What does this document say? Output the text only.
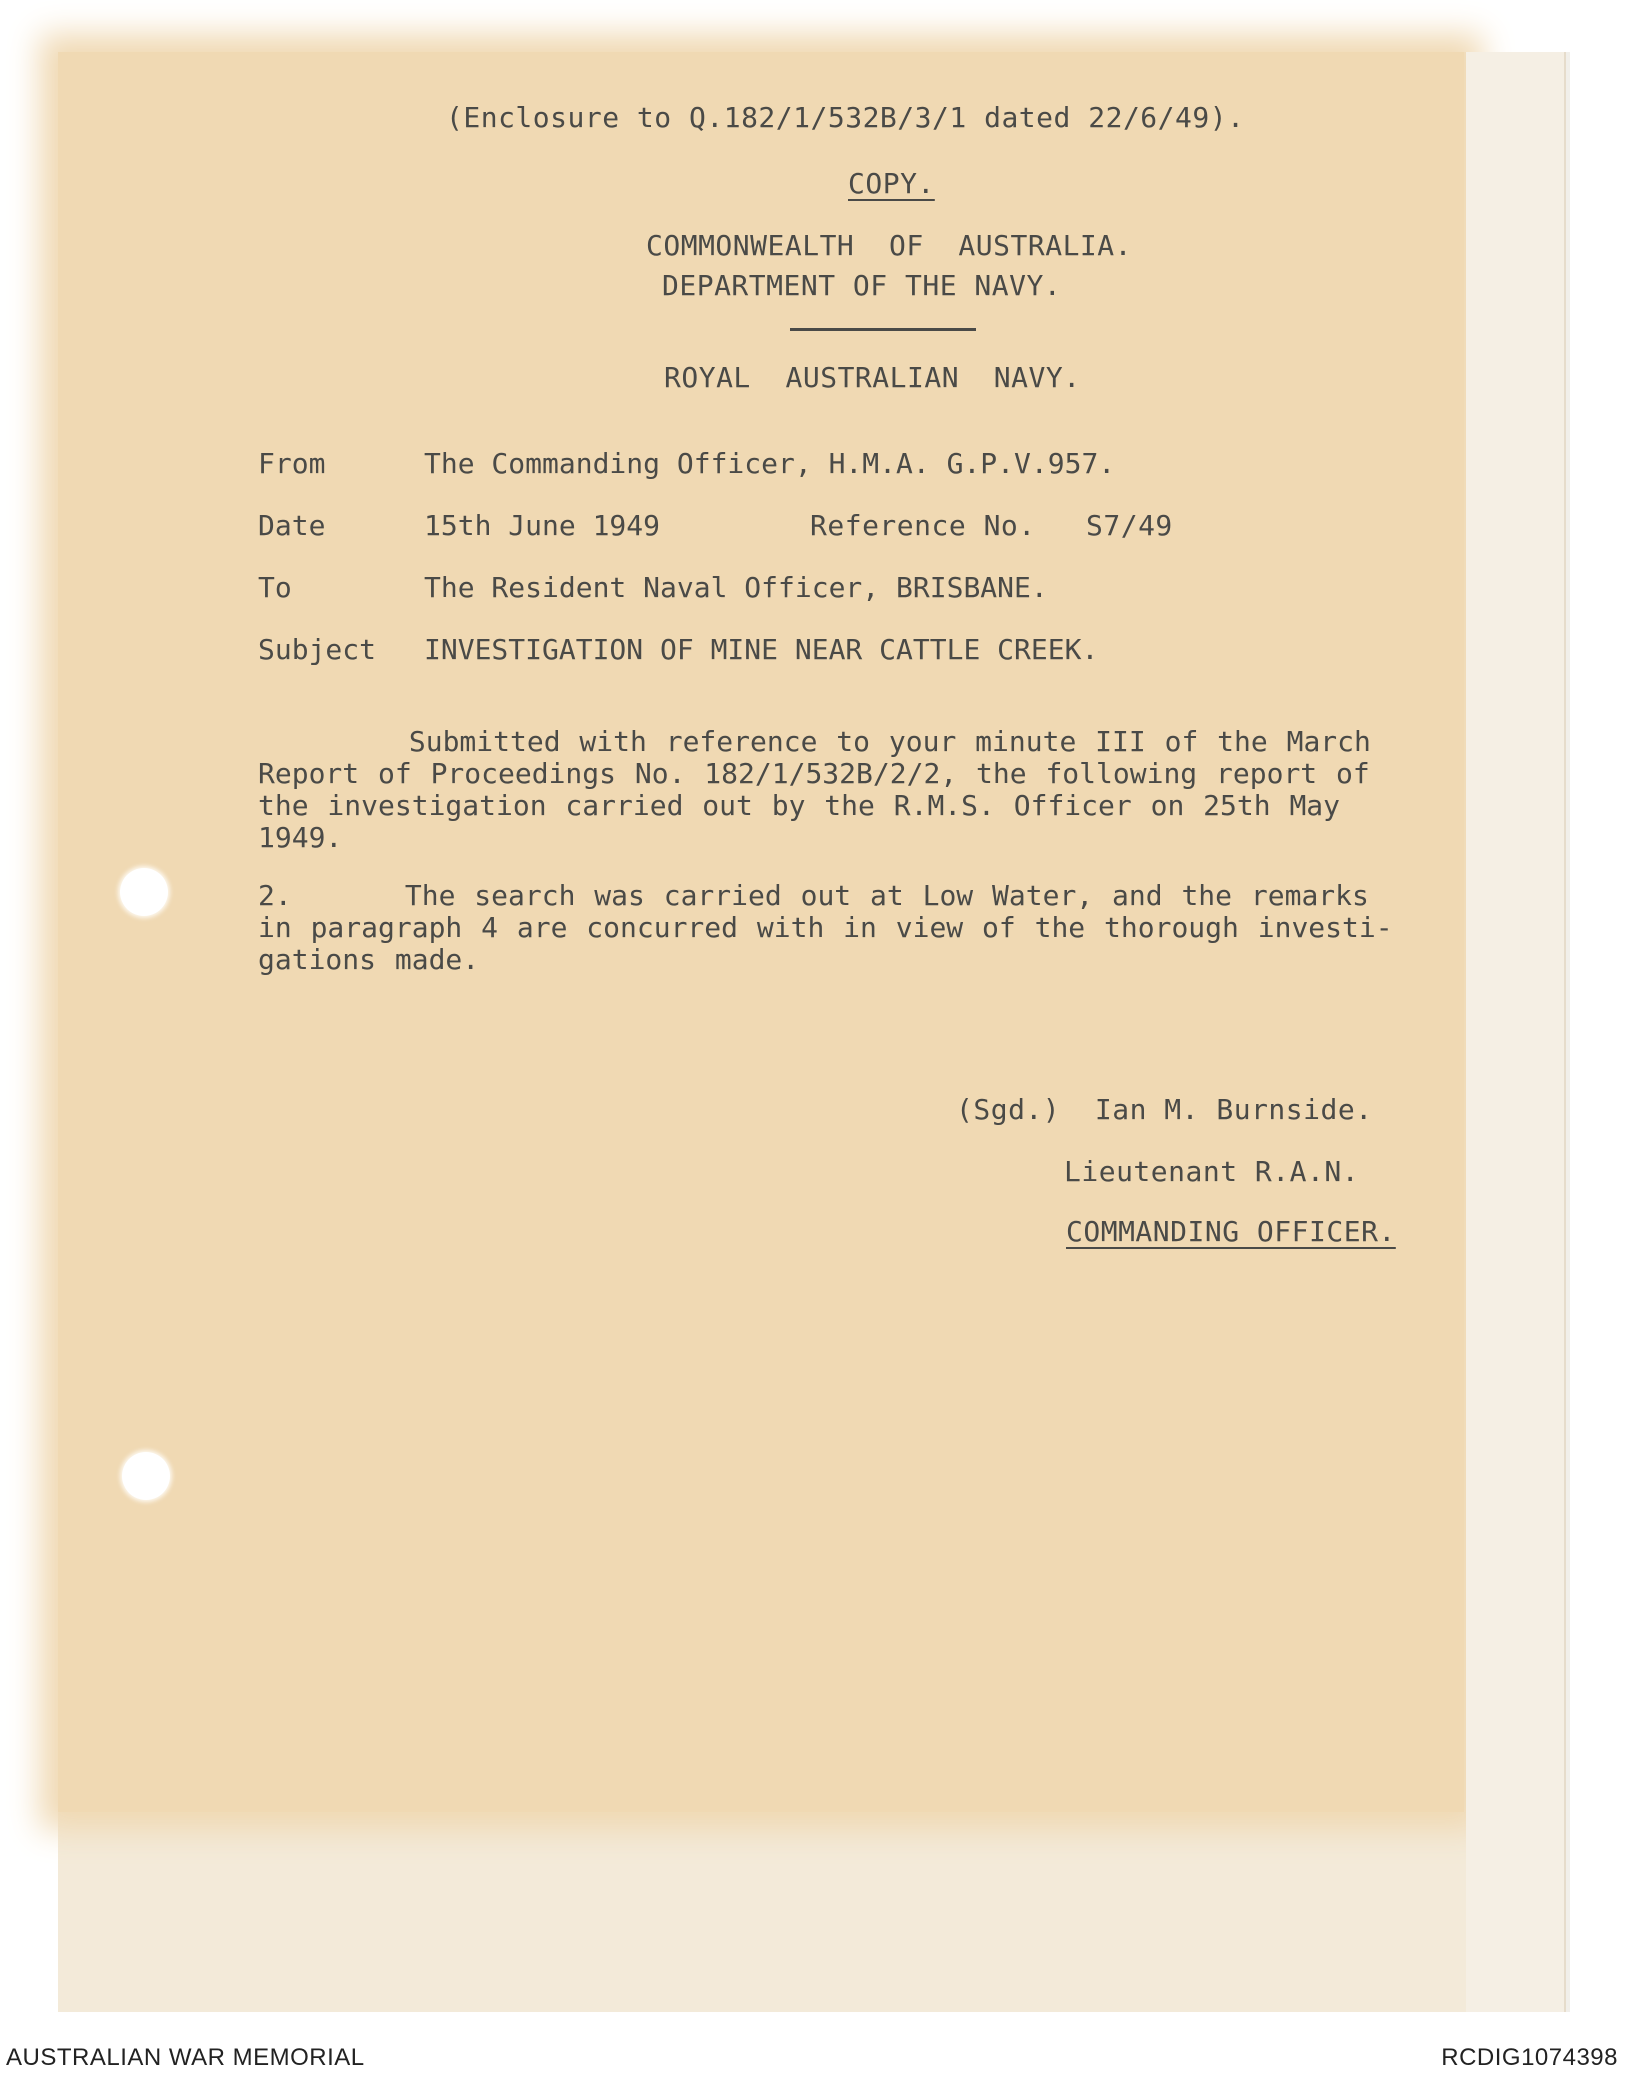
(Enclosure to Q.182/1/532B/3/1 dated 22/6/49).
COPY.
COMMONWEALTH  OF  AUSTRALIA.
DEPARTMENT OF THE NAVY.
ROYAL  AUSTRALIAN  NAVY.
From	The Commanding Officer, H.M.A. G.P.V.957.
Date	15th June 1949	Reference No. S7/49
To	The Resident Naval Officer, BRISBANE.
Subject INVESTIGATION OF MINE NEAR CATTLE CREEK.
Submitted with reference to your minute III of the March
Report of Proceedings No. 182/1/532B/2/2, the following report of
the investigation carried out by the R.M.S. Officer on 25th May
1949.
2.      The search was carried out at Low Water, and the remarks
in paragraph 4 are concurred with in view of the thorough investi-
gations made.
(Sgd.)  Ian M. Burnside.
Lieutenant R.A.N.
COMMANDING OFFICER.
AUSTRALIAN WAR MEMORIAL	RCDIG1074398
